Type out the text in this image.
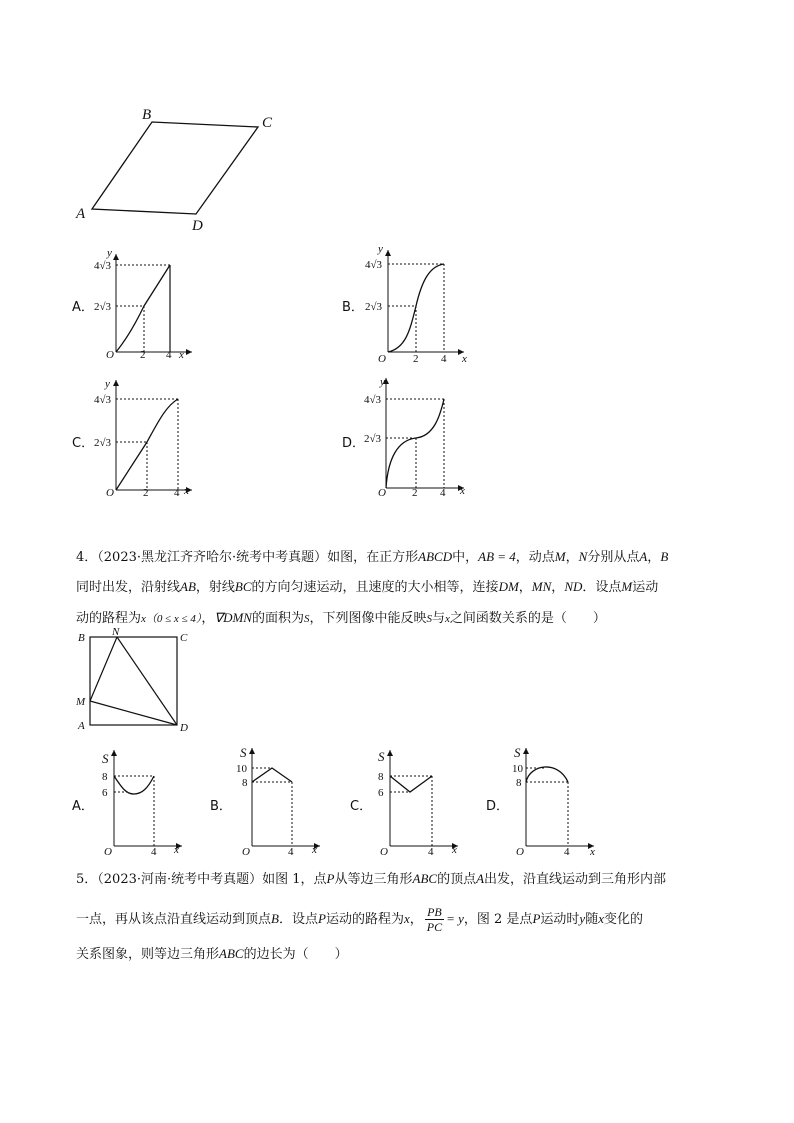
A
B	C
D
A．
y
x
4√3
2√3
O 2 4
B．
y
x
4√3
2√3
O 2 4
C．
y
x
4√3
2√3
O	2 4
D．
y
x
4√3
2√3
O 2 4
4．（2023·黑龙江齐齐哈尔·统考中考真题）如图，在正方形ABCD中，AB = 4，动点M，N分别从点A，B
同时出发，沿射线AB，射线BC的方向匀速运动，且速度的大小相等，连接DM，MN，ND．设点M运动
动的路程为x（0 ≤ x ≤ 4），∇DMN的面积为S，下列图像中能反映S与x之间函数关系的是（　　）
B N	C
M
A	D
A．
S
x
8
6
O	4
B．
S
x
10
8
O	4
C．
S
x
8
6
O	4
D．
S
x
10
8
O	4
5．（2023·河南·统考中考真题）如图 1，点P从等边三角形ABC的顶点A出发，沿直线运动到三角形内部
一点，再从该点沿直线运动到顶点B．设点P运动的路程为x， $\frac{PB}{PC} = y$，图 2 是点P运动时y随x变化的
关系图象，则等边三角形ABC的边长为（　　）
